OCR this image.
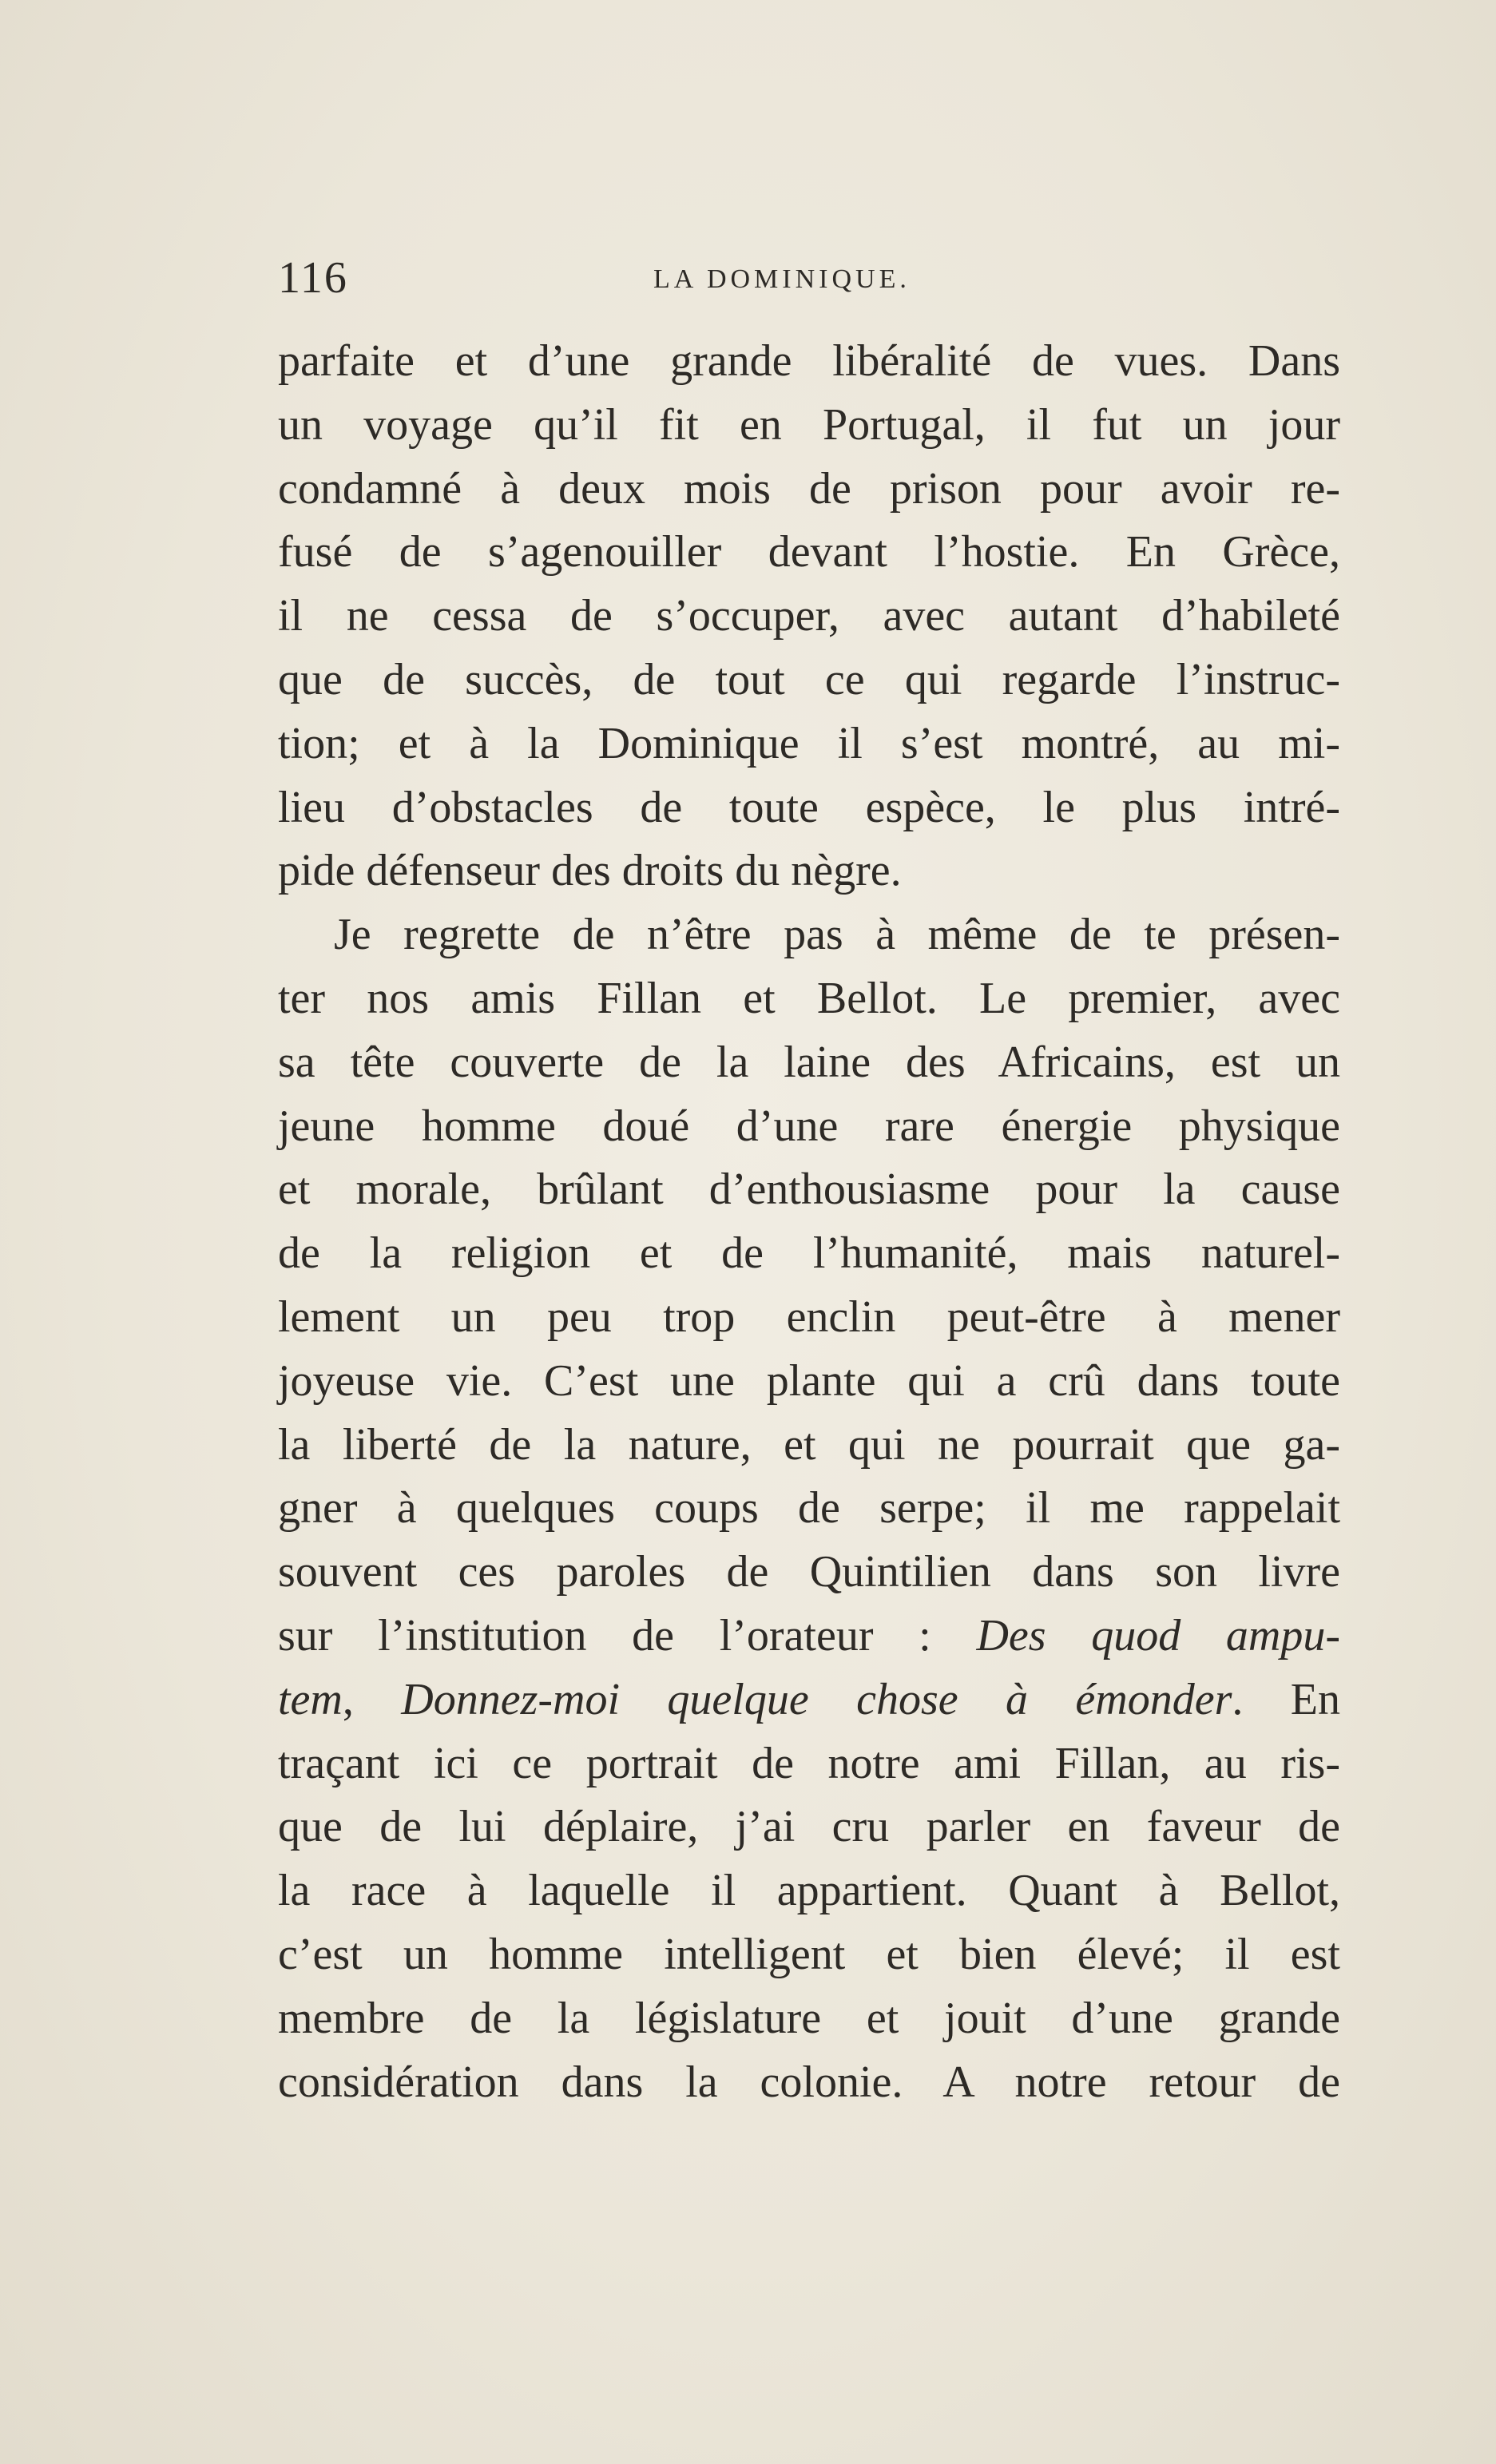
116	LA DOMINIQUE.
parfaite et d’une grande libéralité de vues. Dans
un voyage qu’il fit en Portugal, il fut un jour
condamné à deux mois de prison pour avoir re-
fusé de s’agenouiller devant l’hostie. En Grèce,
il ne cessa de s’occuper, avec autant d’habileté
que de succès, de tout ce qui regarde l’instruc-
tion; et à la Dominique il s’est montré, au mi-
lieu d’obstacles de toute espèce, le plus intré-
pide défenseur des droits du nègre.
Je regrette de n’être pas à même de te présen-
ter nos amis Fillan et Bellot. Le premier, avec
sa tête couverte de la laine des Africains, est un
jeune homme doué d’une rare énergie physique
et morale, brûlant d’enthousiasme pour la cause
de la religion et de l’humanité, mais naturel-
lement un peu trop enclin peut-être à mener
joyeuse vie. C’est une plante qui a crû dans toute
la liberté de la nature, et qui ne pourrait que ga-
gner à quelques coups de serpe; il me rappelait
souvent ces paroles de Quintilien dans son livre
sur l’institution de l’orateur : Des quod ampu-
tem, Donnez-moi quelque chose à émonder. En
traçant ici ce portrait de notre ami Fillan, au ris-
que de lui déplaire, j’ai cru parler en faveur de
la race à laquelle il appartient. Quant à Bellot,
c’est un homme intelligent et bien élevé; il est
membre de la législature et jouit d’une grande
considération dans la colonie. A notre retour de
